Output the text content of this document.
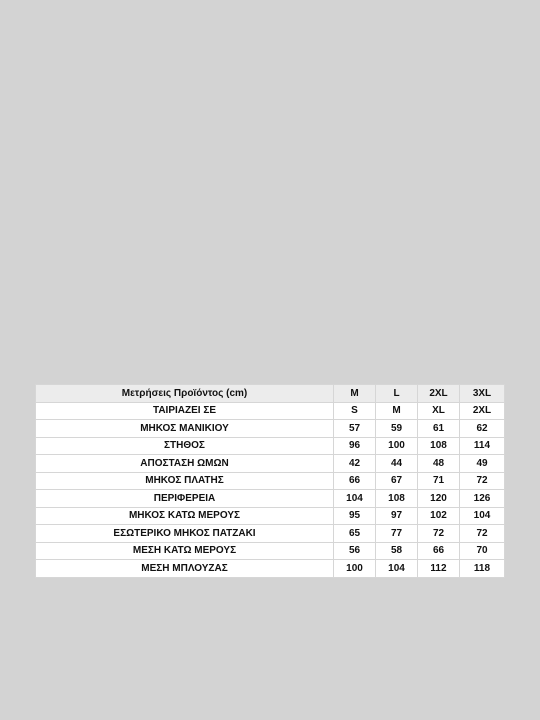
Μετρήσεις Προϊόντος (cm)	M	L	2XL	3XL
ΤΑΙΡΙΑΖΕΙ ΣΕ	S	M	XL	2XL
ΜΗΚΟΣ ΜΑΝΙΚΙΟΥ	57	59	61	62
ΣΤΗΘΟΣ	96	100	108	114
ΑΠΟΣΤΑΣΗ ΩΜΩΝ	42	44	48	49
ΜΗΚΟΣ ΠΛΑΤΗΣ	66	67	71	72
ΠΕΡΙΦΕΡΕΙΑ	104	108	120	126
ΜΗΚΟΣ ΚΑΤΩ ΜΕΡΟΥΣ	95	97	102	104
ΕΣΩΤΕΡΙΚΟ ΜΗΚΟΣ ΠΑΤΖΑΚΙ	65	77	72	72
ΜΕΣΗ ΚΑΤΩ ΜΕΡΟΥΣ	56	58	66	70
ΜΕΣΗ ΜΠΛΟΥΖΑΣ	100	104	112	118
